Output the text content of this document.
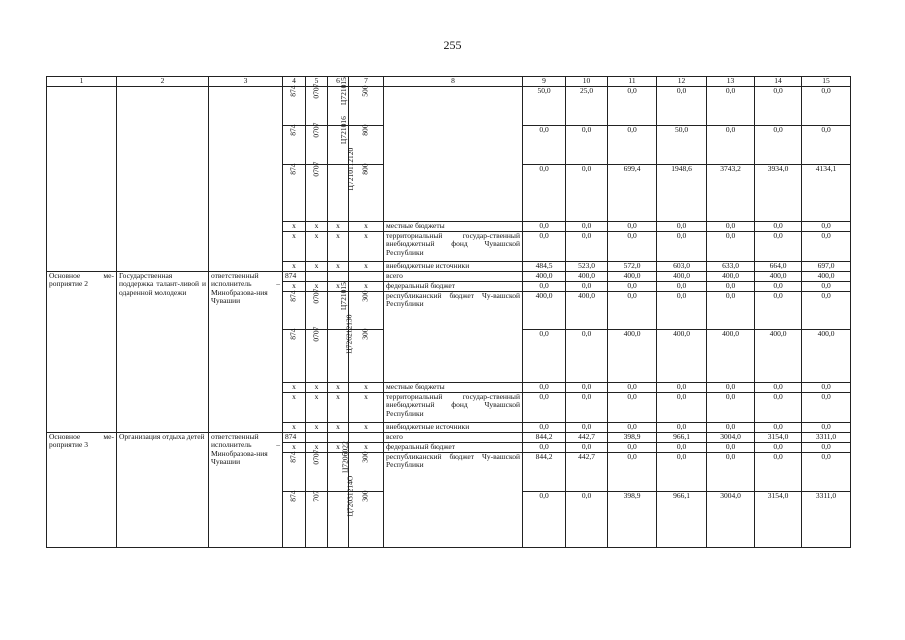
255
1	2	3	4	5	6	7	8	9	10	11	12	13	14	15
			874	0707	Ц721015	500		50,0	25,0	0,0	0,0	0,0	0,0	0,0
			874	0707	Ц721016	800		0,0	0,0	0,0	50,0	0,0	0,0	0,0
			874	0707	Ц7210112120	800		0,0	0,0	699,4	1948,6	3743,2	3934,0	4134,1
			х	х	х	х	местные бюджеты	0,0	0,0	0,0	0,0	0,0	0,0	0,0
			х	х	х	х	территориальный государ-ственный внебюджетный фонд Чувашской Республики	0,0	0,0	0,0	0,0	0,0	0,0	0,0
			х	х	х	х	внебюджетные источники	484,5	523,0	572,0	603,0	633,0	664,0	697,0
Основное ме-роприятие 2	Государственная поддержка талант-ливой и одаренной молодежи	ответственный исполнитель – Минобразова-ния Чувашии	874				всего	400,0	400,0	400,0	400,0	400,0	400,0	400,0
			х	х	х	х	федеральный бюджет	0,0	0,0	0,0	0,0	0,0	0,0	0,0
			874	0707	Ц721015	300	республиканский бюджет Чу-вашской Республики	400,0	400,0	0,0	0,0	0,0	0,0	0,0
			874	0707	Ц7262121З0	300		0,0	0,0	400,0	400,0	400,0	400,0	400,0
			х	х	х	х	местные бюджеты	0,0	0,0	0,0	0,0	0,0	0,0	0,0
			х	х	х	х	территориальный государ-ственный внебюджетный фонд Чувашской Республики	0,0	0,0	0,0	0,0	0,0	0,0	0,0
			х	х	х	х	внебюджетные источники	0,0	0,0	0,0	0,0	0,0	0,0	0,0
Основное ме-роприятие 3	Организация отдыха детей	ответственный исполнитель – Минобразова-ния Чувашии	874				всего	844,2	442,7	398,9	966,1	3004,0	3154,0	3311,0
			х	х	х	х	федеральный бюджет	0,0	0,0	0,0	0,0	0,0	0,0	0,0
			874	0707	Ц720б022	300	республиканский бюджет Чу-вашской Республики	844,2	442,7	0,0	0,0	0,0	0,0	0,0
			874	707	Ц72031214О	300		0,0	0,0	398,9	966,1	3004,0	3154,0	3311,0
